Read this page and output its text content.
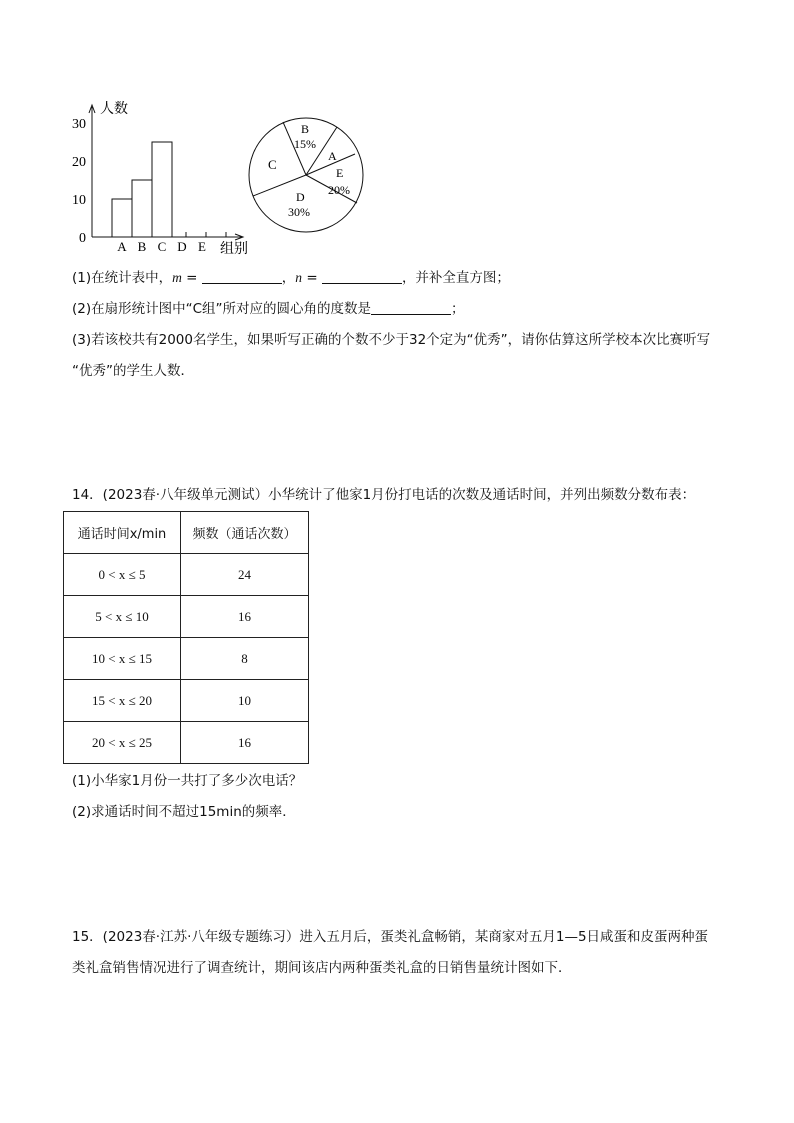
0
10
20
30
A B C D E
人数
组别
B
15%
A
E
20%
D
30%
C
(1)在统计表中，m =	，n =	，并补全直方图；
(2)在扇形统计图中“C组”所对应的圆心角的度数是	；
(3)若该校共有2000名学生，如果听写正确的个数不少于32个定为“优秀”，请你估算这所学校本次比赛听写
“优秀”的学生人数．
14．(2023春·八年级单元测试）小华统计了他家1月份打电话的次数及通话时间，并列出频数分数布表：
通话时间x/min	频数（通话次数）
0 < x ≤ 5	24
5 < x ≤ 10	16
10 < x ≤ 15	8
15 < x ≤ 20	10
20 < x ≤ 25	16
(1)小华家1月份一共打了多少次电话？
(2)求通话时间不超过15min的频率．
15．(2023春·江苏·八年级专题练习）进入五月后，蛋类礼盒畅销，某商家对五月1—5日咸蛋和皮蛋两种蛋
类礼盒销售情况进行了调查统计，期间该店内两种蛋类礼盒的日销售量统计图如下．
